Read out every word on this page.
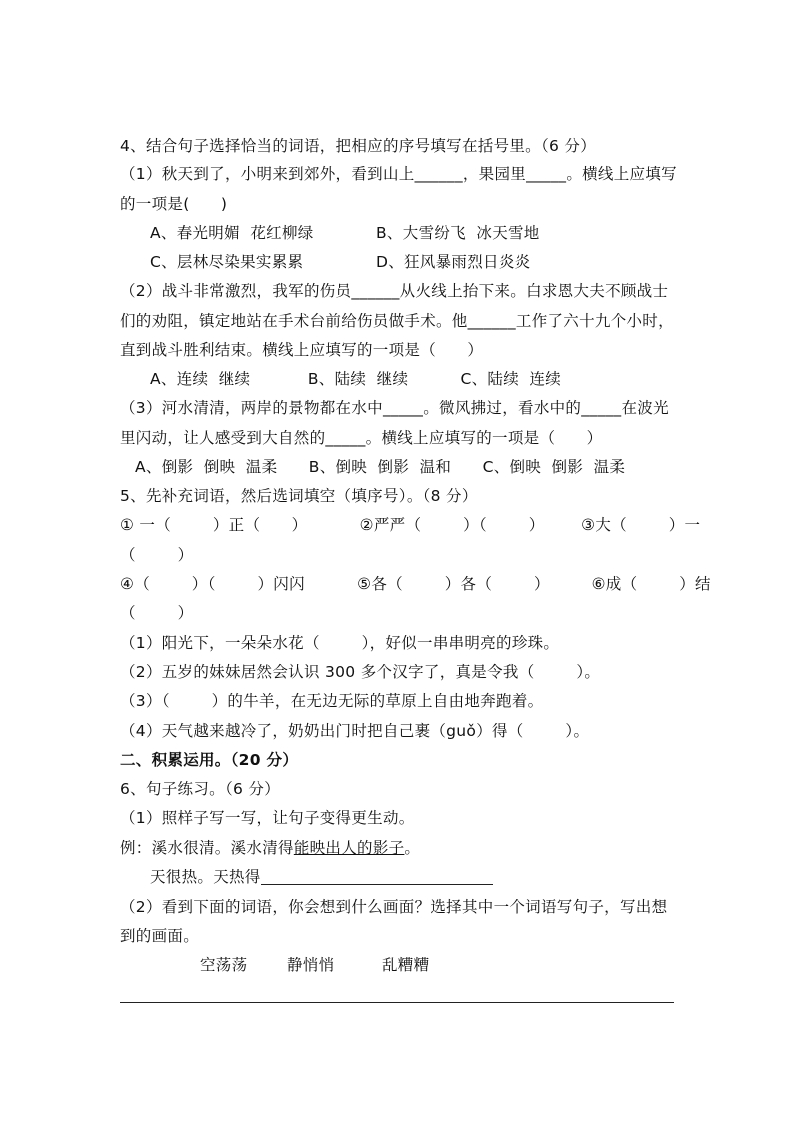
4、结合句子选择恰当的词语，把相应的序号填写在括号里。（6 分）
（1）秋天到了，小明来到郊外，看到山上______，果园里_____。横线上应填写
的一项是(      )
A、春光明媚  花红柳绿	B、大雪纷飞  冰天雪地
C、层林尽染果实累累	D、狂风暴雨烈日炎炎
（2）战斗非常激烈，我军的伤员______从火线上抬下来。白求恩大夫不顾战士
们的劝阻，镇定地站在手术台前给伤员做手术。他______工作了六十九个小时，
直到战斗胜利结束。横线上应填写的一项是（      ）
A、连续  继续           B、陆续  继续          C、陆续  连续
（3）河水清清，两岸的景物都在水中_____。微风拂过，看水中的_____在波光
里闪动，让人感受到大自然的_____。横线上应填写的一项是（      ）
A、倒影  倒映  温柔      B、倒映  倒影  温和      C、倒映  倒影  温柔
5、先补充词语，然后选词填空（填序号）。（8 分）
① 一（        ）正（      ）          ②严严（        ）（        ）       ③大（        ）一
（        ）
④（        ）（        ）闪闪          ⑤各（        ）各（        ）        ⑥成（        ）结
（        ）
（1）阳光下，一朵朵水花（        ），好似一串串明亮的珍珠。
（2）五岁的妹妹居然会认识 300 多个汉字了，真是令我（        ）。
（3）（        ）的牛羊，在无边无际的草原上自由地奔跑着。
（4）天气越来越冷了，奶奶出门时把自己裹（guǒ）得（        ）。
二、积累运用。（20 分）
6、句子练习。（6 分）
（1）照样子写一写，让句子变得更生动。
例：溪水很清。溪水清得能映出人的影子。
天很热。天热得
（2）看到下面的词语，你会想到什么画面？选择其中一个词语写句子，写出想
到的画面。
空荡荡	静悄悄	乱糟糟
